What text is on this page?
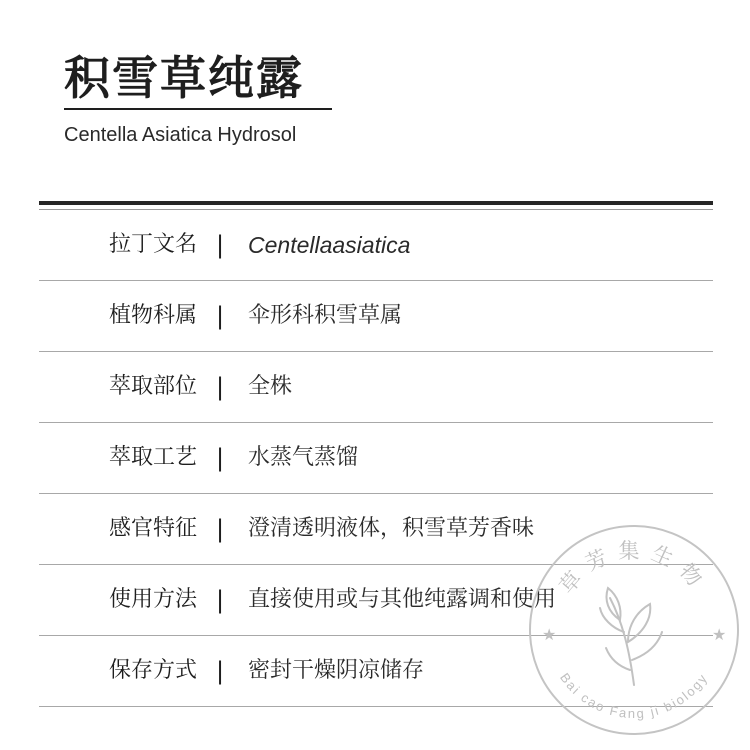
积雪草纯露
Centella Asiatica Hydrosol
拉丁文名 | Centellaasiatica
植物科属 | 伞形科积雪草属
萃取部位 | 全株
萃取工艺 | 水蒸气蒸馏
感官特征 | 澄清透明液体，积雪草芳香味
使用方法 | 直接使用或与其他纯露调和使用
保存方式 | 密封干燥阴凉储存
草芳集生物
Bai cao Fang ji biology
★	★
